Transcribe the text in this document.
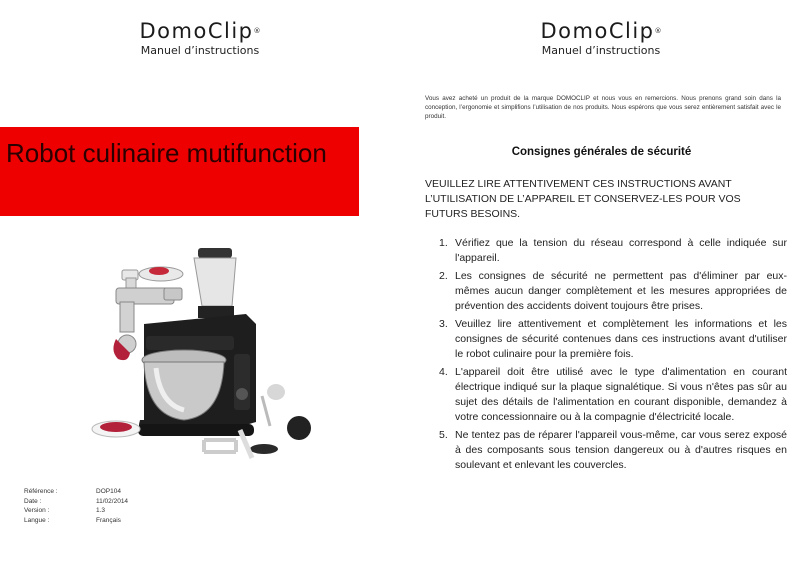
DomoClip®
Manuel d’instructions
Robot culinaire mutifunction
Référence :	DOP104
Date :	11/02/2014
Version :	1.3
Langue :	Français
DomoClip®
Manuel d’instructions
Vous avez acheté un produit de la marque DOMOCLIP et nous vous en remercions. Nous prenons grand soin dans la conception, l’ergonomie et simplifions l’utilisation de nos produits. Nous espérons que vous serez entièrement satisfait avec le produit.
Consignes générales de sécurité
VEUILLEZ LIRE ATTENTIVEMENT CES INSTRUCTIONS AVANT L’UTILISATION DE L’APPAREIL ET CONSERVEZ-LES POUR VOS FUTURS BESOINS.
1. Vérifiez que la tension du réseau correspond à celle indiquée sur l'appareil.
2. Les consignes de sécurité ne permettent pas d'éliminer par eux-mêmes aucun danger complètement et les mesures appropriées de prévention des accidents doivent toujours être prises.
3. Veuillez lire attentivement et complètement les informations et les consignes de sécurité contenues dans ces instructions avant d'utiliser le robot culinaire pour la première fois.
4. L'appareil doit être utilisé avec le type d'alimentation en courant électrique indiqué sur la plaque signalétique. Si vous n'êtes pas sûr au sujet des détails de l'alimentation en courant disponible, demandez à votre concessionnaire ou à la compagnie d'électricité locale.
5. Ne tentez pas de réparer l'appareil vous-même, car vous serez exposé à des composants sous tension dangereux ou à d'autres risques en soulevant et enlevant les couvercles.
